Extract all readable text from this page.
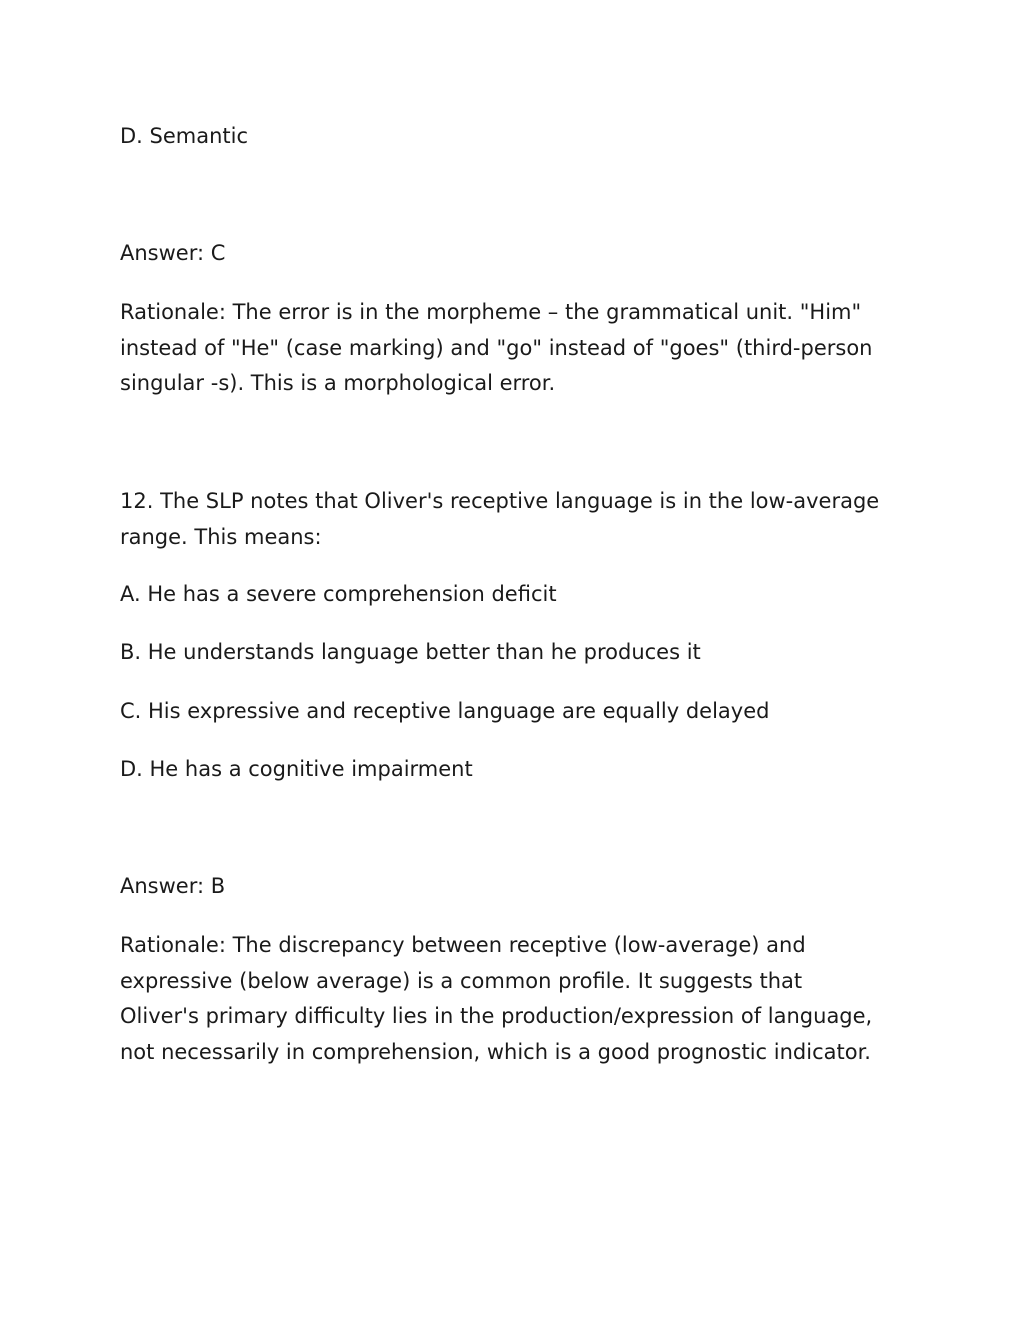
D. Semantic

Answer: C

Rationale: The error is in the morpheme – the grammatical unit. "Him"
instead of "He" (case marking) and "go" instead of "goes" (third-person
singular -s). This is a morphological error.
12. The SLP notes that Oliver's receptive language is in the low-average
range. This means:

A. He has a severe comprehension deficit

B. He understands language better than he produces it

C. His expressive and receptive language are equally delayed

D. He has a cognitive impairment

Answer: B

Rationale: The discrepancy between receptive (low-average) and
expressive (below average) is a common profile. It suggests that
Oliver's primary difficulty lies in the production/expression of language,
not necessarily in comprehension, which is a good prognostic indicator.
